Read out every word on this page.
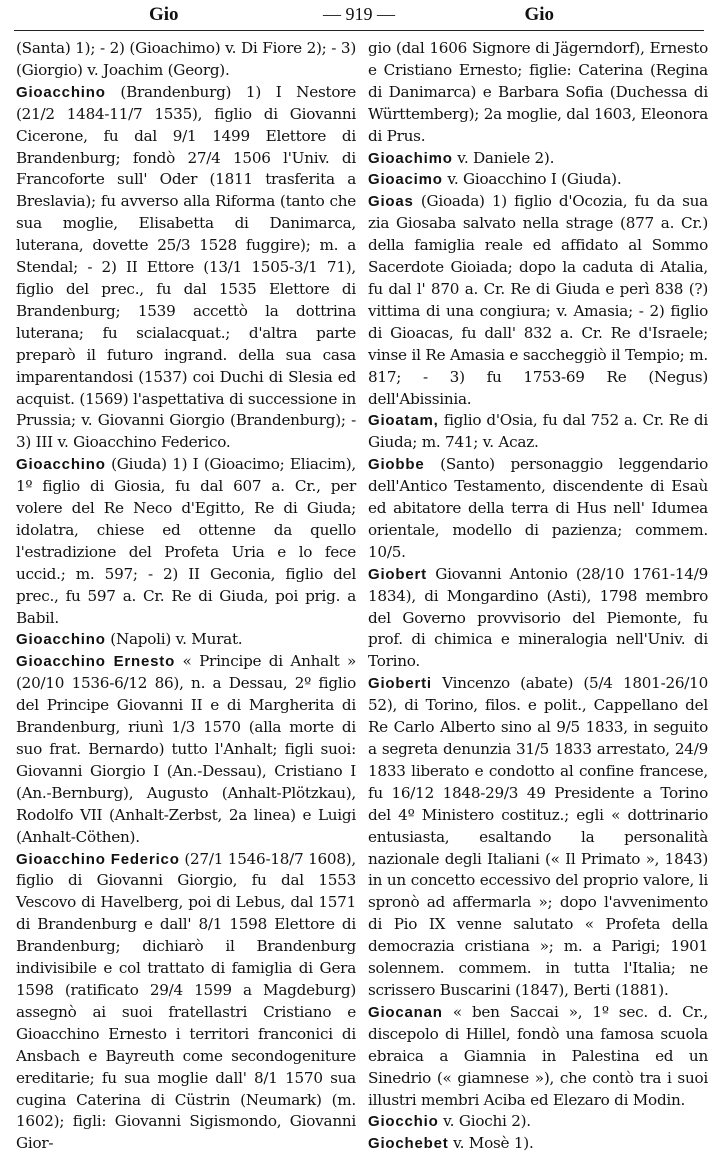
Gio	— 919 —	Gio

(Santa) 1); - 2) (Gioachimo) v. Di Fiore 2); - 3) (Giorgio) v. Joachim (Georg).

Gioacchino (Brandenburg) 1) I Nestore (21/2 1484-11/7 1535), figlio di Giovanni Cicerone, fu dal 9/1 1499 Elettore di Brandenburg; fondò 27/4 1506 l'Univ. di Francoforte sull' Oder (1811 trasferita a Breslavia); fu avverso alla Riforma (tanto che sua moglie, Elisabetta di Danimarca, luterana, dovette 25/3 1528 fuggire); m. a Stendal; - 2) II Ettore (13/1 1505-3/1 71), figlio del prec., fu dal 1535 Elettore di Brandenburg; 1539 accettò la dottrina luterana; fu scialacquat.; d'altra parte preparò il futuro ingrand. della sua casa imparentandosi (1537) coi Duchi di Slesia ed acquist. (1569) l'aspettativa di successione in Prussia; v. Giovanni Giorgio (Brandenburg); - 3) III v. Gioacchino Federico.

Gioacchino (Giuda) 1) I (Gioacimo; Eliacim), 1º figlio di Giosia, fu dal 607 a. Cr., per volere del Re Neco d'Egitto, Re di Giuda; idolatra, chiese ed ottenne da quello l'estradizione del Profeta Uria e lo fece uccid.; m. 597; - 2) II Geconia, figlio del prec., fu 597 a. Cr. Re di Giuda, poi prig. a Babil.

Gioacchino (Napoli) v. Murat.

Gioacchino Ernesto « Principe di Anhalt » (20/10 1536-6/12 86), n. a Dessau, 2º figlio del Principe Giovanni II e di Margherita di Brandenburg, riunì 1/3 1570 (alla morte di suo frat. Bernardo) tutto l'Anhalt; figli suoi: Giovanni Giorgio I (An.-Dessau), Cristiano I (An.-Bernburg), Augusto (Anhalt-Plötzkau), Rodolfo VII (Anhalt-Zerbst, 2a linea) e Luigi (Anhalt-Cöthen).

Gioacchino Federico (27/1 1546-18/7 1608), figlio di Giovanni Giorgio, fu dal 1553 Vescovo di Havelberg, poi di Lebus, dal 1571 di Brandenburg e dall' 8/1 1598 Elettore di Brandenburg; dichiarò il Brandenburg indivisibile e col trattato di famiglia di Gera 1598 (ratificato 29/4 1599 a Magdeburg) assegnò ai suoi fratellastri Cristiano e Gioacchino Ernesto i territori franconici di Ansbach e Bayreuth come secondogeniture ereditarie; fu sua moglie dall' 8/1 1570 sua cugina Caterina di Cüstrin (Neumark) (m. 1602); figli: Giovanni Sigismondo, Giovanni Gior-

gio (dal 1606 Signore di Jägerndorf), Ernesto e Cristiano Ernesto; figlie: Caterina (Regina di Danimarca) e Barbara Sofia (Duchessa di Württemberg); 2a moglie, dal 1603, Eleonora di Prus.

Gioachimo v. Daniele 2).

Gioacimo v. Gioacchino I (Giuda).

Gioas (Gioada) 1) figlio d'Ocozia, fu da sua zia Giosaba salvato nella strage (877 a. Cr.) della famiglia reale ed affidato al Sommo Sacerdote Gioiada; dopo la caduta di Atalia, fu dal l' 870 a. Cr. Re di Giuda e perì 838 (?) vittima di una congiura; v. Amasia; - 2) figlio di Gioacas, fu dall' 832 a. Cr. Re d'Israele; vinse il Re Amasia e saccheggiò il Tempio; m. 817; - 3) fu 1753-69 Re (Negus) dell'Abissinia.

Gioatam, figlio d'Osia, fu dal 752 a. Cr. Re di Giuda; m. 741; v. Acaz.

Giobbe (Santo) personaggio leggendario dell'Antico Testamento, discendente di Esaù ed abitatore della terra di Hus nell' Idumea orientale, modello di pazienza; commem. 10/5.

Giobert Giovanni Antonio (28/10 1761-14/9 1834), di Mongardino (Asti), 1798 membro del Governo provvisorio del Piemonte, fu prof. di chimica e mineralogia nell'Univ. di Torino.

Gioberti Vincenzo (abate) (5/4 1801-26/10 52), di Torino, filos. e polit., Cappellano del Re Carlo Alberto sino al 9/5 1833, in seguito a segreta denunzia 31/5 1833 arrestato, 24/9 1833 liberato e condotto al confine francese, fu 16/12 1848-29/3 49 Presidente a Torino del 4º Ministero costituz.; egli « dottrinario entusiasta, esaltando la personalità nazionale degli Italiani (« Il Primato », 1843) in un concetto eccessivo del proprio valore, li spronò ad affermarla »; dopo l'avvenimento di Pio IX venne salutato « Profeta della democrazia cristiana »; m. a Parigi; 1901 solennem. commem. in tutta l'Italia; ne scrissero Buscarini (1847), Berti (1881).

Giocanan « ben Saccai », 1º sec. d. Cr., discepolo di Hillel, fondò una famosa scuola ebraica a Giamnia in Palestina ed un Sinedrio (« giamnese »), che contò tra i suoi illustri membri Aciba ed Elezaro di Modin.

Giocchio v. Giochi 2).

Giochebet v. Mosè 1).
